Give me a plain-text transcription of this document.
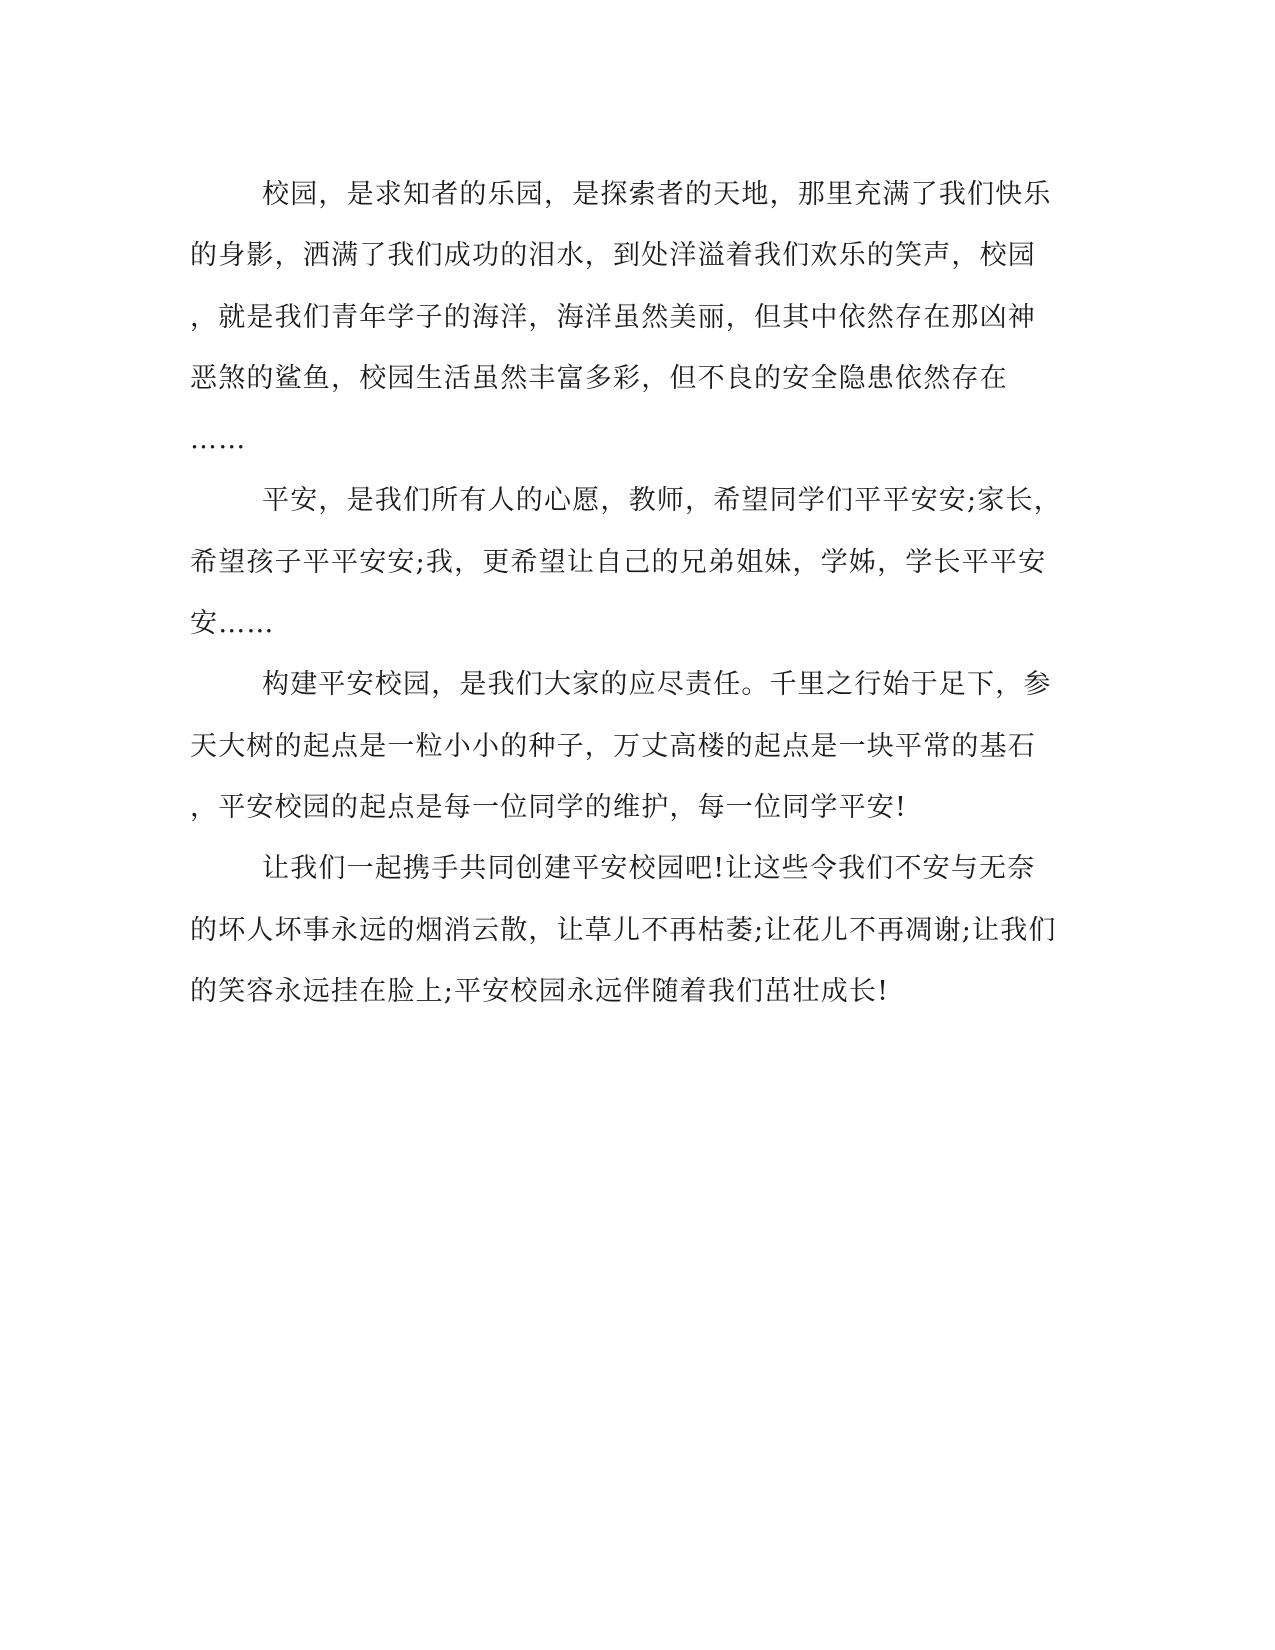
校园，是求知者的乐园，是探索者的天地，那里充满了我们快乐
的身影，洒满了我们成功的泪水，到处洋溢着我们欢乐的笑声，校园
，就是我们青年学子的海洋，海洋虽然美丽，但其中依然存在那凶神
恶煞的鲨鱼，校园生活虽然丰富多彩，但不良的安全隐患依然存在
……
平安，是我们所有人的心愿，教师，希望同学们平平安安;家长，
希望孩子平平安安;我，更希望让自己的兄弟姐妹，学姊，学长平平安
安……
构建平安校园，是我们大家的应尽责任。千里之行始于足下，参
天大树的起点是一粒小小的种子，万丈高楼的起点是一块平常的基石
，平安校园的起点是每一位同学的维护，每一位同学平安!
让我们一起携手共同创建平安校园吧!让这些令我们不安与无奈
的坏人坏事永远的烟消云散，让草儿不再枯萎;让花儿不再凋谢;让我们
的笑容永远挂在脸上;平安校园永远伴随着我们茁壮成长!
